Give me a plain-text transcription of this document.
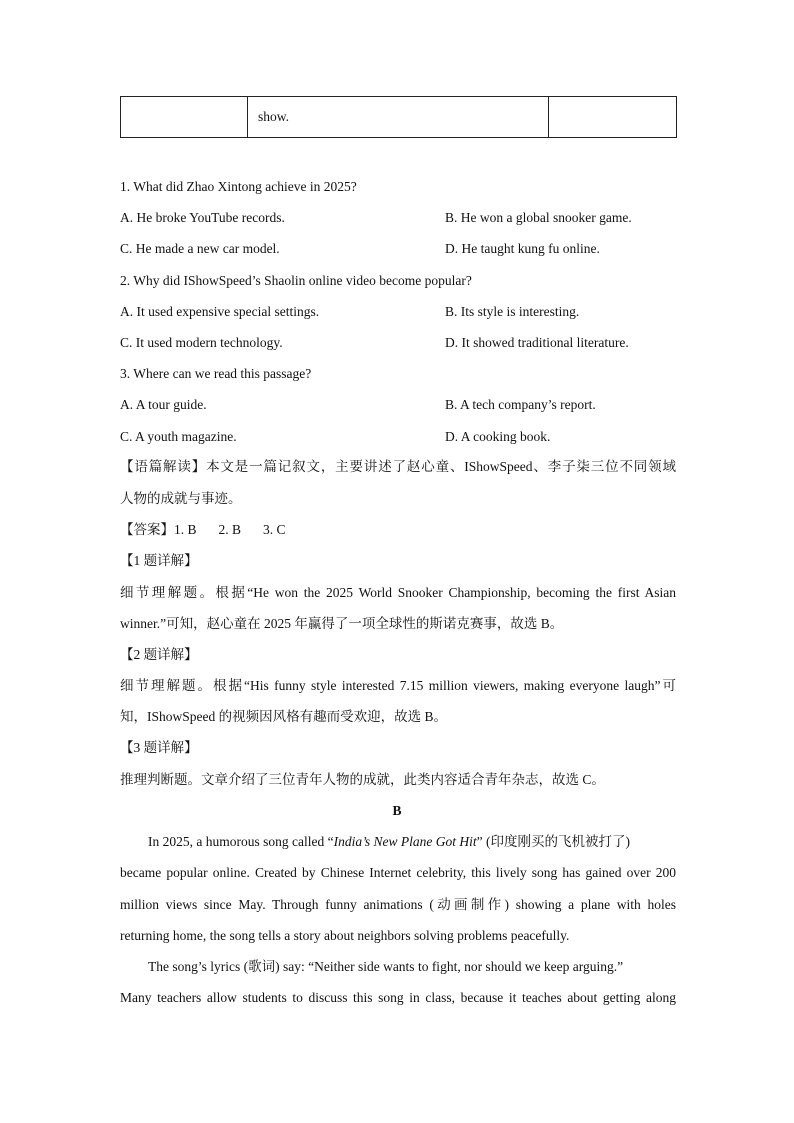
	show.	
1. What did Zhao Xintong achieve in 2025?
A. He broke YouTube records.	B. He won a global snooker game.
C. He made a new car model.	D. He taught kung fu online.
2. Why did IShowSpeed’s Shaolin online video become popular?
A. It used expensive special settings.	B. Its style is interesting.
C. It used modern technology.	D. It showed traditional literature.
3. Where can we read this passage?
A. A tour guide.	B. A tech company’s report.
C. A youth magazine.	D. A cooking book.
【语篇解读】本文是一篇记叙文，主要讲述了赵心童、IShowSpeed、李子柒三位不同领域
人物的成就与事迹。
【答案】1. B 2. B 3. C
【1 题详解】
细节理解题。根据“He won the 2025 World Snooker Championship, becoming the first Asian
winner.”可知，赵心童在 2025 年赢得了一项全球性的斯诺克赛事，故选 B。
【2 题详解】
细节理解题。根据“His funny style interested 7.15 million viewers, making everyone laugh”可
知，IShowSpeed 的视频因风格有趣而受欢迎，故选 B。
【3 题详解】
推理判断题。文章介绍了三位青年人物的成就，此类内容适合青年杂志，故选 C。
B
In 2025, a humorous song called “India’s New Plane Got Hit” (印度刚买的飞机被打了)
became popular online. Created by Chinese Internet celebrity, this lively song has gained over 200
million views since May. Through funny animations (动画制作) showing a plane with holes
returning home, the song tells a story about neighbors solving problems peacefully.
The song’s lyrics (歌词) say: “Neither side wants to fight, nor should we keep arguing.”
Many teachers allow students to discuss this song in class, because it teaches about getting along
